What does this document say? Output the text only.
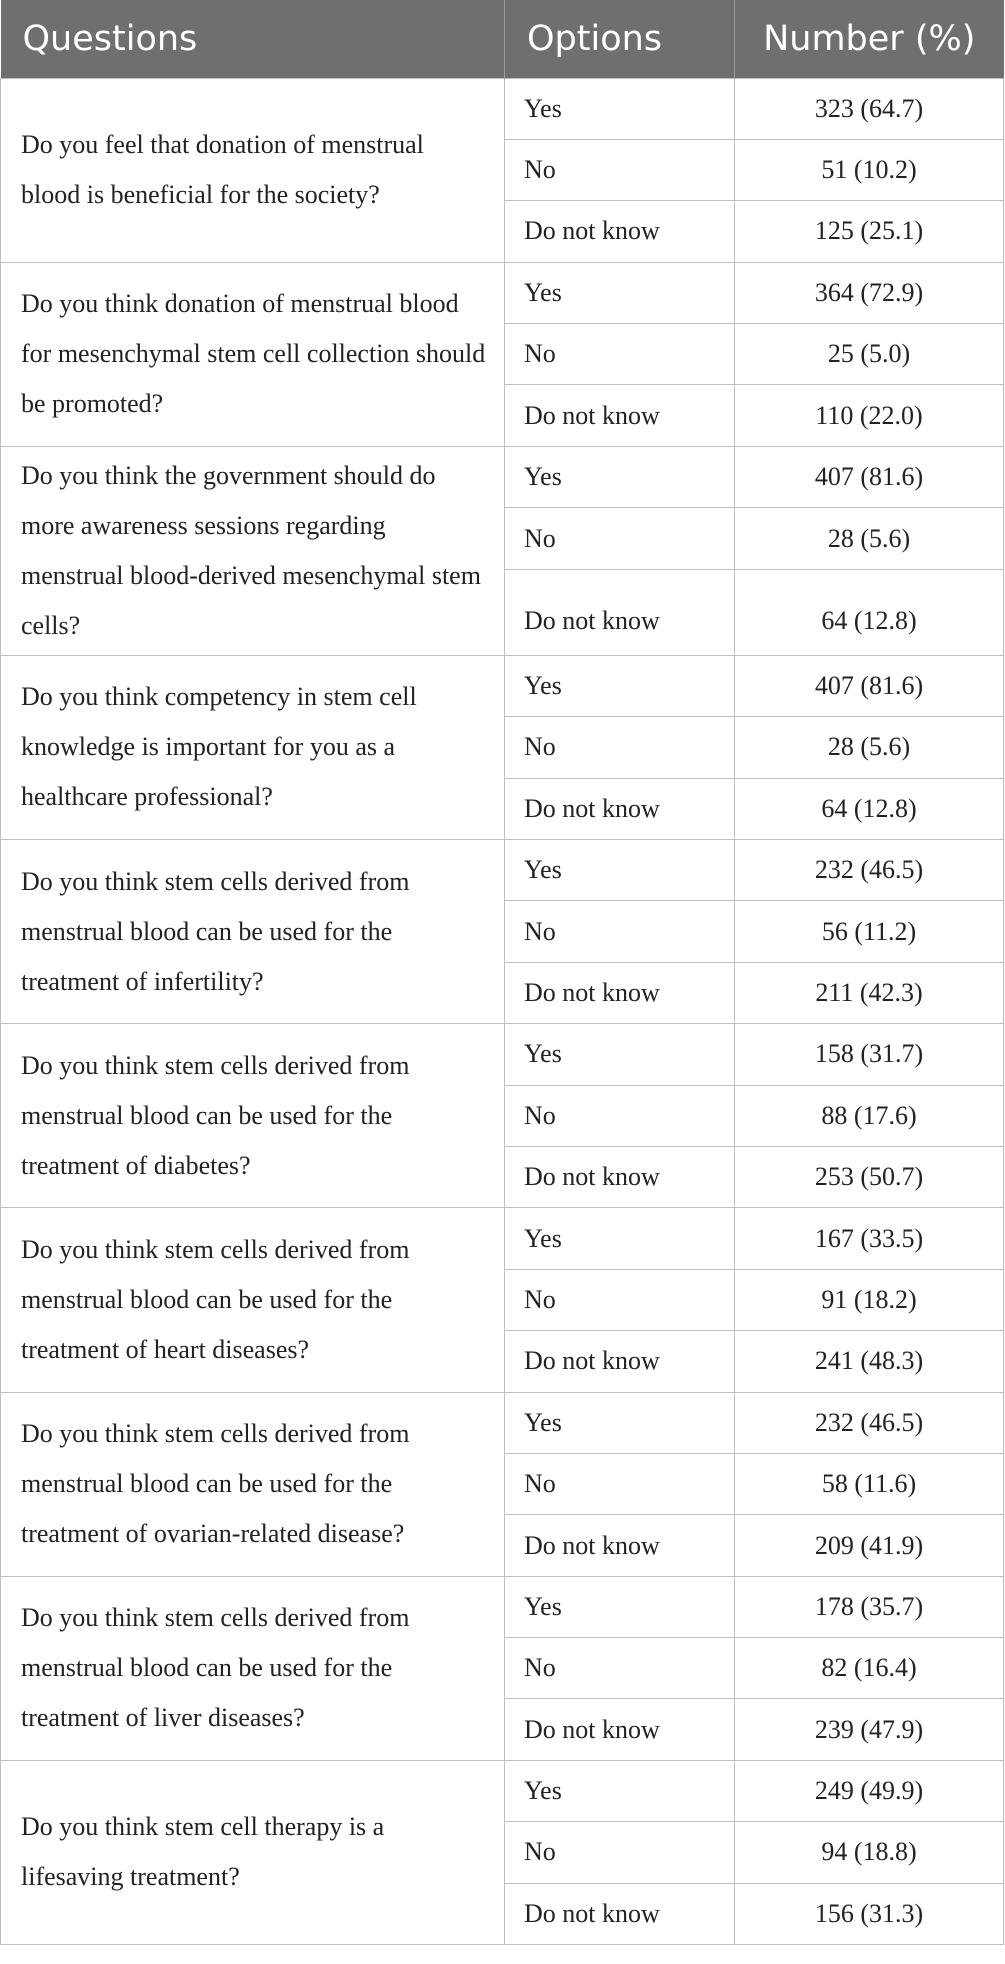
Questions	Options	Number (%)
Do you feel that donation of menstrual blood is beneficial for the society?	Yes	323 (64.7)
	No	51 (10.2)
	Do not know	125 (25.1)
Do you think donation of menstrual blood for mesenchymal stem cell collection should be promoted?	Yes	364 (72.9)
	No	25 (5.0)
	Do not know	110 (22.0)
Do you think the government should do more awareness sessions regarding menstrual blood-derived mesenchymal stem cells?	Yes	407 (81.6)
	No	28 (5.6)
	Do not know	64 (12.8)
Do you think competency in stem cell knowledge is important for you as a healthcare professional?	Yes	407 (81.6)
	No	28 (5.6)
	Do not know	64 (12.8)
Do you think stem cells derived from menstrual blood can be used for the treatment of infertility?	Yes	232 (46.5)
	No	56 (11.2)
	Do not know	211 (42.3)
Do you think stem cells derived from menstrual blood can be used for the treatment of diabetes?	Yes	158 (31.7)
	No	88 (17.6)
	Do not know	253 (50.7)
Do you think stem cells derived from menstrual blood can be used for the treatment of heart diseases?	Yes	167 (33.5)
	No	91 (18.2)
	Do not know	241 (48.3)
Do you think stem cells derived from menstrual blood can be used for the treatment of ovarian-related disease?	Yes	232 (46.5)
	No	58 (11.6)
	Do not know	209 (41.9)
Do you think stem cells derived from menstrual blood can be used for the treatment of liver diseases?	Yes	178 (35.7)
	No	82 (16.4)
	Do not know	239 (47.9)
Do you think stem cell therapy is a lifesaving treatment?	Yes	249 (49.9)
	No	94 (18.8)
	Do not know	156 (31.3)
